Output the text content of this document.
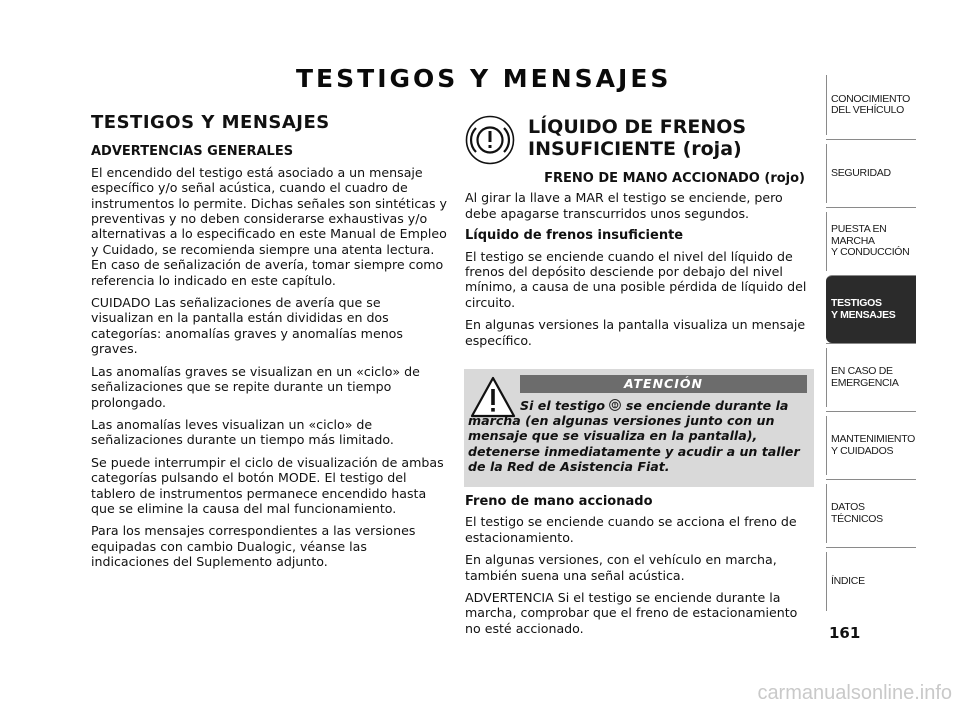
TESTIGOS Y MENSAJES
TESTIGOS Y MENSAJES
ADVERTENCIAS GENERALES

El encendido del testigo está asociado a un mensaje específico y/o señal acústica, cuando el cuadro de instrumentos lo permite. Dichas señales son sintéticas y preventivas y no deben considerarse exhaustivas y/o alternativas a lo especificado en este Manual de Empleo y Cuidado, se recomienda siempre una atenta lectura. En caso de señalización de avería, tomar siempre como referencia lo indicado en este capítulo.

CUIDADO Las señalizaciones de avería que se visualizan en la pantalla están divididas en dos categorías: anomalías graves y anomalías menos graves.

Las anomalías graves se visualizan en un «ciclo» de señalizaciones que se repite durante un tiempo prolongado.

Las anomalías leves visualizan un «ciclo» de señalizaciones durante un tiempo más limitado.

Se puede interrumpir el ciclo de visualización de ambas categorías pulsando el botón MODE. El testigo del tablero de instrumentos permanece encendido hasta que se elimine la causa del mal funcionamiento.

Para los mensajes correspondientes a las versiones equipadas con cambio Dualogic, véanse las indicaciones del Suplemento adjunto.

LÍQUIDO DE FRENOS
INSUFICIENTE (roja)
FRENO DE MANO ACCIONADO (rojo)

Al girar la llave a MAR el testigo se enciende, pero debe apagarse transcurridos unos segundos.

Líquido de frenos insuficiente

El testigo se enciende cuando el nivel del líquido de frenos del depósito desciende por debajo del nivel mínimo, a causa de una posible pérdida de líquido del circuito.

En algunas versiones la pantalla visualiza un mensaje específico.

ATENCIÓN
Si el testigo  se enciende durante la marcha (en algunas versiones junto con un mensaje que se visualiza en la pantalla), detenerse inmediatamente y acudir a un taller de la Red de Asistencia Fiat.
Freno de mano accionado

El testigo se enciende cuando se acciona el freno de estacionamiento.

En algunas versiones, con el vehículo en marcha, también suena una señal acústica.

ADVERTENCIA Si el testigo se enciende durante la marcha, comprobar que el freno de estacionamiento no esté accionado.

CONOCIMIENTO
DEL VEHÍCULO
SEGURIDAD
PUESTA EN
MARCHA
Y CONDUCCIÓN
TESTIGOS
Y MENSAJES
EN CASO DE
EMERGENCIA
MANTENIMIENTO
Y CUIDADOS
DATOS
TÉCNICOS
ÍNDICE
161
carmanualsonline.info
